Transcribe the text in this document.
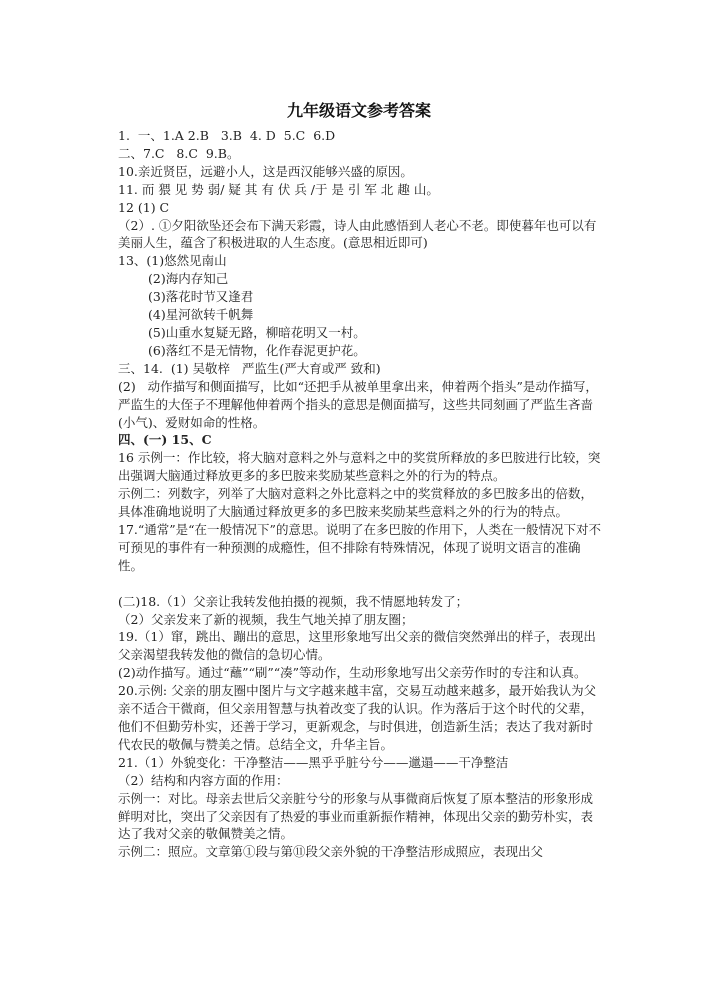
九年级语文参考答案

1.  一、1.A 2.B   3.B  4. D  5.C  6.D

二、7.C   8.C  9.B。

10.亲近贤臣，远避小人，这是西汉能够兴盛的原因。

11. 而 猥 见 势 弱/ 疑 其 有 伏 兵 /于 是 引 军 北 趣 山。

12 (1) C

（2）. ①夕阳欲坠还会布下满天彩霞，诗人由此感悟到人老心不老。即使暮年也可以有美丽人生，蕴含了积极进取的人生态度。(意思相近即可)

13、(1)悠然见南山

(2)海内存知己

(3)落花时节又逢君

(4)星河欲转千帆舞

(5)山重水复疑无路，柳暗花明又一村。

(6)落红不是无情物，化作春泥更护花。

三、14.  (1) 吴敬梓   严监生(严大育或严 致和)

(2)   动作描写和侧面描写，比如“还把手从被单里拿出来，伸着两个指头”是动作描写，严监生的大侄子不理解他伸着两个指头的意思是侧面描写，这些共同刻画了严监生吝啬(小气)、爱财如命的性格。

四、(一) 15、C

16 示例一：作比较，将大脑对意料之外与意料之中的奖赏所释放的多巴胺进行比较，突出强调大脑通过释放更多的多巴胺来奖励某些意料之外的行为的特点。

示例二：列数字，列举了大脑对意料之外比意料之中的奖赏释放的多巴胺多出的倍数，具体准确地说明了大脑通过释放更多的多巴胺来奖励某些意料之外的行为的特点。

17.“通常”是“在一般情况下”的意思。说明了在多巴胺的作用下，人类在一般情况下对不可预见的事件有一种预测的成瘾性，但不排除有特殊情况，体现了说明文语言的准确性。

(二)18.（1）父亲让我转发他拍摄的视频，我不情愿地转发了；

（2）父亲发来了新的视频，我生气地关掉了朋友圈；

19.（1）窜，跳出、蹦出的意思，这里形象地写出父亲的微信突然弹出的样子，表现出父亲渴望我转发他的微信的急切心情。

(2)动作描写。通过“蘸”“刷”“凑”等动作，生动形象地写出父亲劳作时的专注和认真。

20.示例: 父亲的朋友圈中图片与文字越来越丰富，交易互动越来越多，最开始我认为父亲不适合干微商，但父亲用智慧与执着改变了我的认识。作为落后于这个时代的父辈，他们不但勤劳朴实，还善于学习，更新观念，与时俱进，创造新生活；表达了我对新时代农民的敬佩与赞美之情。总结全文，升华主旨。

21.（1）外貌变化：干净整洁——黑乎乎脏兮兮——邋遢——干净整洁

（2）结构和内容方面的作用：

示例一：对比。母亲去世后父亲脏兮兮的形象与从事微商后恢复了原本整洁的形象形成鲜明对比，突出了父亲因有了热爱的事业而重新振作精神，体现出父亲的勤劳朴实，表达了我对父亲的敬佩赞美之情。

示例二：照应。文章第①段与第⑪段父亲外貌的干净整洁形成照应，表现出父
